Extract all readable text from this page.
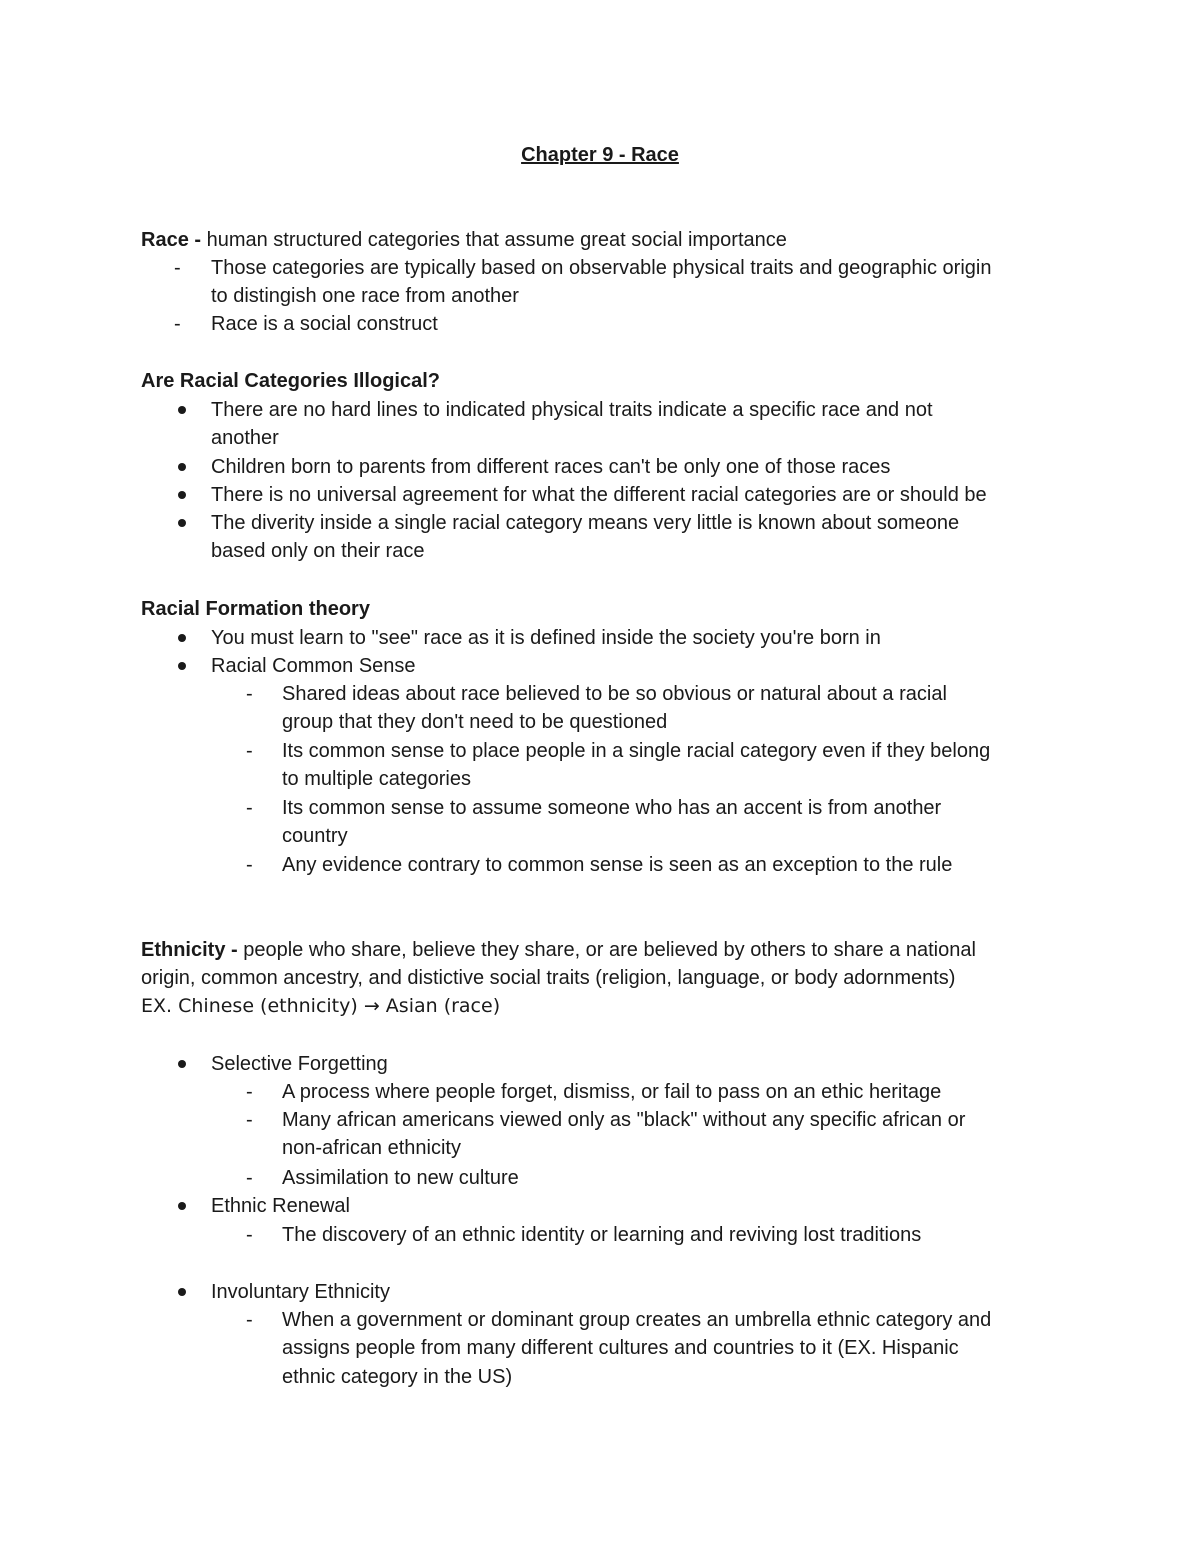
Chapter 9 - Race
Race - human structured categories that assume great social importance
- Those categories are typically based on observable physical traits and geographic origin
to distingish one race from another
- Race is a social construct
Are Racial Categories Illogical?
There are no hard lines to indicated physical traits indicate a specific race and not
another
Children born to parents from different races can't be only one of those races
There is no universal agreement for what the different racial categories are or should be
The diverity inside a single racial category means very little is known about someone
based only on their race
Racial Formation theory
You must learn to "see" race as it is defined inside the society you're born in
Racial Common Sense
- Shared ideas about race believed to be so obvious or natural about a racial
group that they don't need to be questioned
- Its common sense to place people in a single racial category even if they belong
to multiple categories
- Its common sense to assume someone who has an accent is from another
country
- Any evidence contrary to common sense is seen as an exception to the rule
Ethnicity - people who share, believe they share, or are believed by others to share a national
origin, common ancestry, and distictive social traits (religion, language, or body adornments)
EX. Chinese (ethnicity) → Asian (race)
Selective Forgetting
- A process where people forget, dismiss, or fail to pass on an ethic heritage
- Many african americans viewed only as "black" without any specific african or
non-african ethnicity
- Assimilation to new culture
Ethnic Renewal
- The discovery of an ethnic identity or learning and reviving lost traditions
Involuntary Ethnicity
- When a government or dominant group creates an umbrella ethnic category and
assigns people from many different cultures and countries to it (EX. Hispanic
ethnic category in the US)
